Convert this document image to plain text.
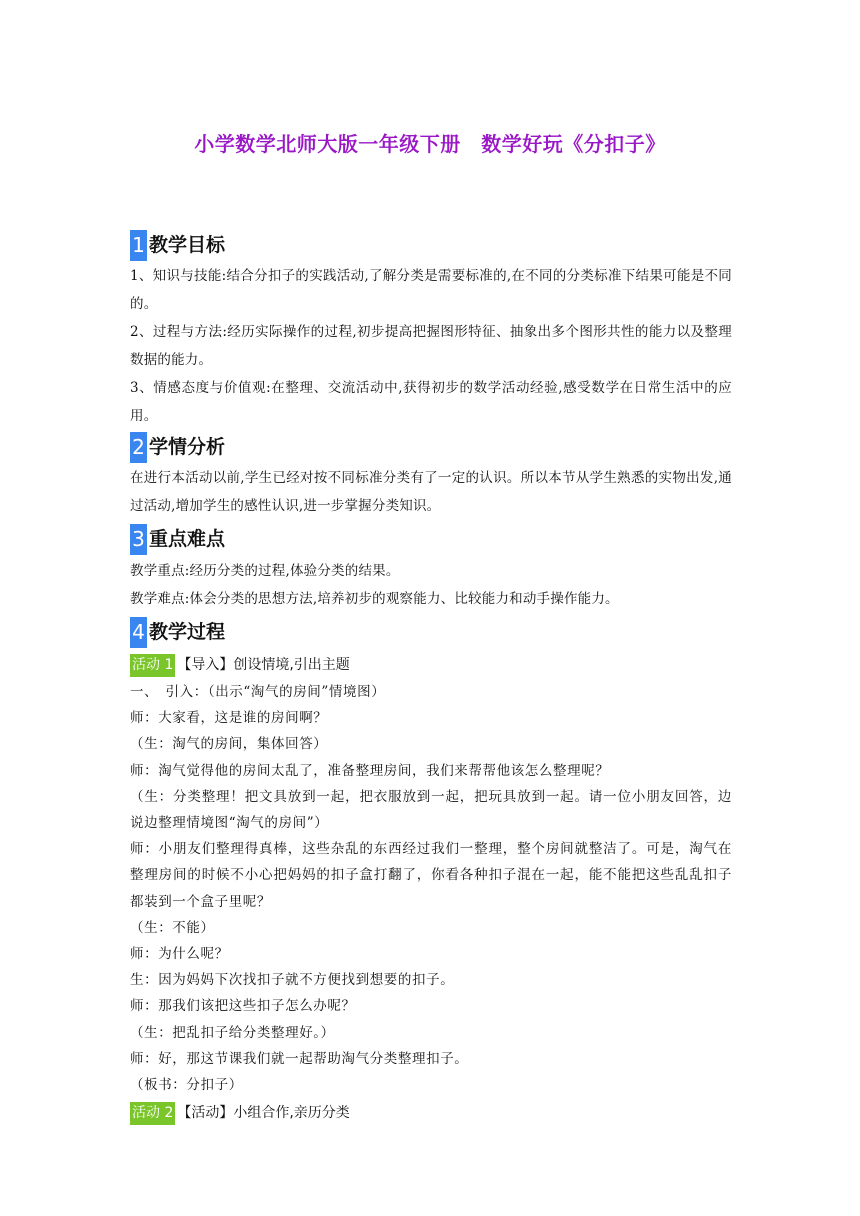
小学数学北师大版一年级下册　数学好玩《分扣子》
1 教学目标

1、知识与技能:结合分扣子的实践活动,了解分类是需要标准的,在不同的分类标准下结果可能是不同的。

2、过程与方法:经历实际操作的过程,初步提高把握图形特征、抽象出多个图形共性的能力以及整理数据的能力。

3、情感态度与价值观:在整理、交流活动中,获得初步的数学活动经验,感受数学在日常生活中的应用。

2 学情分析

在进行本活动以前,学生已经对按不同标准分类有了一定的认识。所以本节从学生熟悉的实物出发,通过活动,增加学生的感性认识,进一步掌握分类知识。

3 重点难点

教学重点:经历分类的过程,体验分类的结果。

教学难点:体会分类的思想方法,培养初步的观察能力、比较能力和动手操作能力。

4 教学过程
活动 1 【导入】创设情境,引出主题

一、　引入：（出示“淘气的房间”情境图）

师：大家看，这是谁的房间啊？

（生：淘气的房间，集体回答）

师：淘气觉得他的房间太乱了，准备整理房间，我们来帮帮他该怎么整理呢？

（生：分类整理！把文具放到一起，把衣服放到一起，把玩具放到一起。请一位小朋友回答，边说边整理情境图“淘气的房间”）

师：小朋友们整理得真棒，这些杂乱的东西经过我们一整理，整个房间就整洁了。可是，淘气在整理房间的时候不小心把妈妈的扣子盒打翻了，你看各种扣子混在一起，能不能把这些乱乱扣子都装到一个盒子里呢？

（生：不能）

师：为什么呢？

生：因为妈妈下次找扣子就不方便找到想要的扣子。

师：那我们该把这些扣子怎么办呢？

（生：把乱扣子给分类整理好。）

师：好，那这节课我们就一起帮助淘气分类整理扣子。

（板书：分扣子）

活动 2 【活动】小组合作,亲历分类
